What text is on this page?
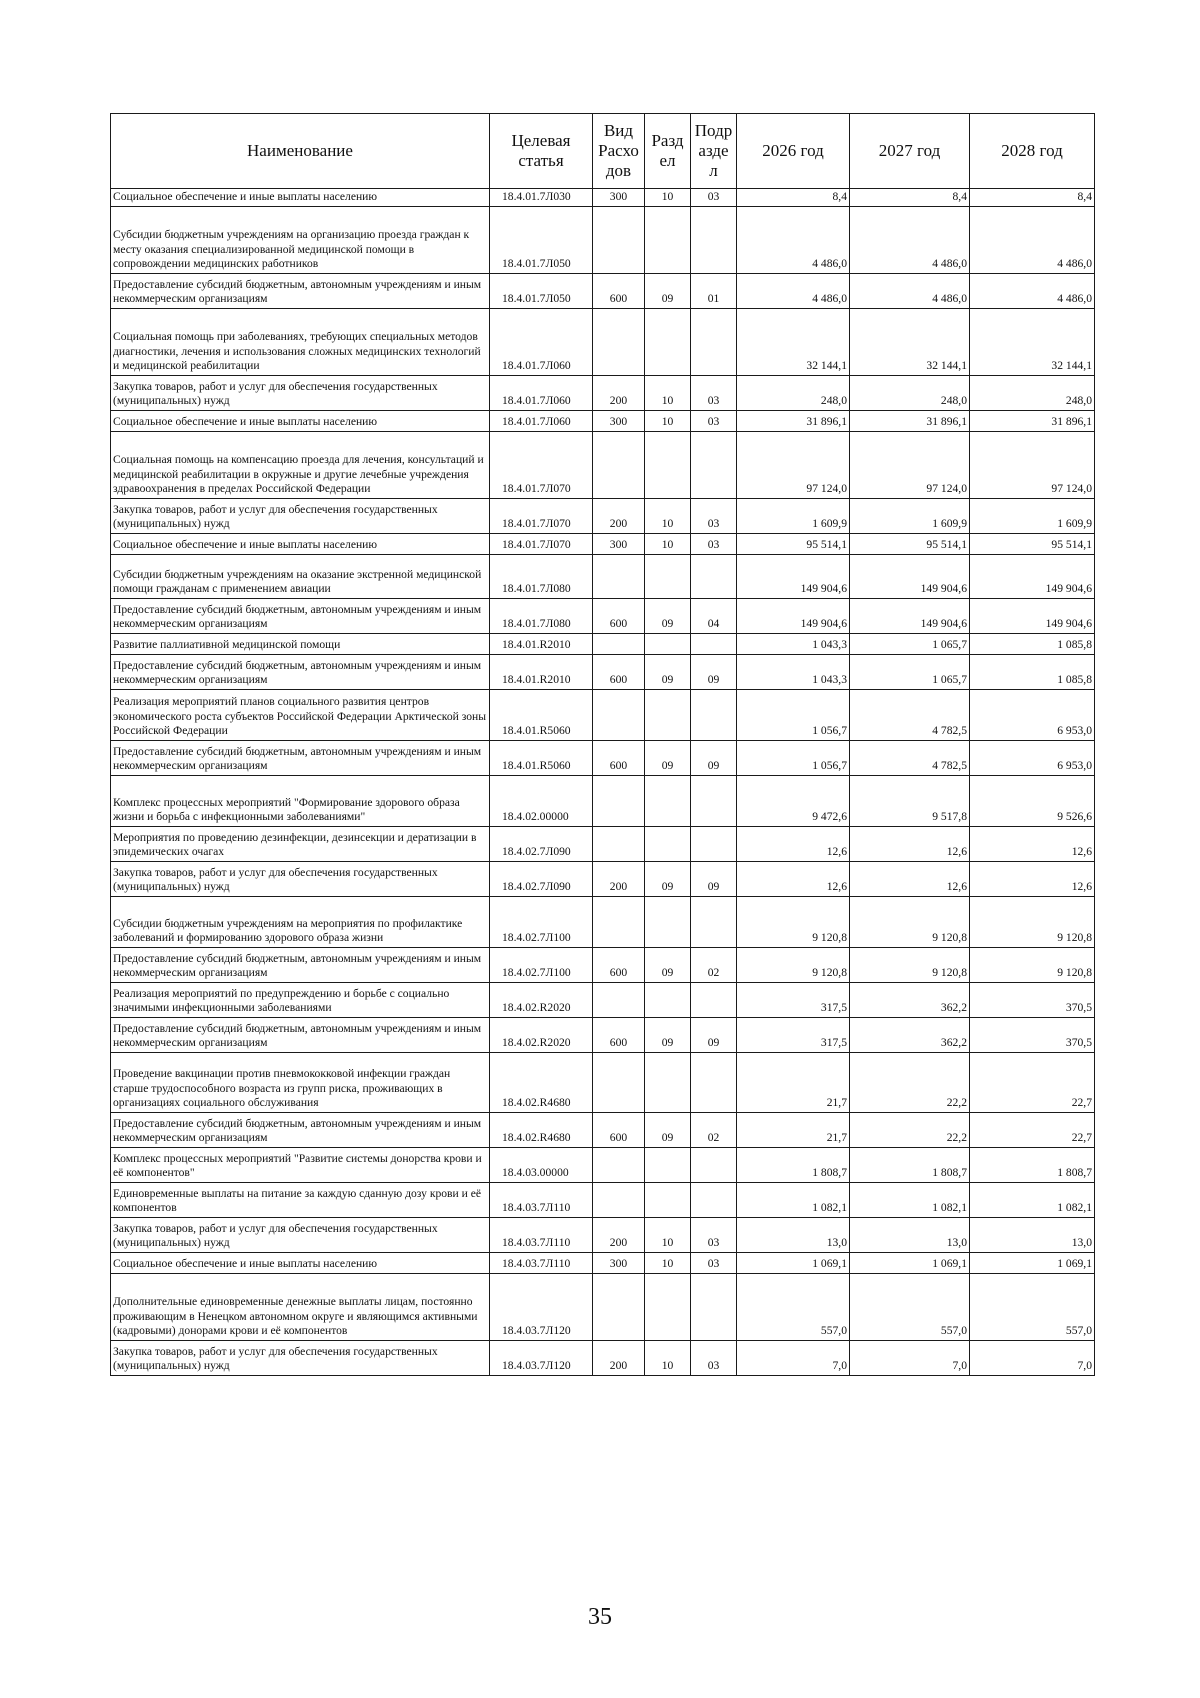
Наименование	Целевая статья	Вид Расхо дов	Разд ел	Подр азде л	2026 год	2027 год	2028 год
Социальное обеспечение и иные выплаты населению	18.4.01.7Л030	300	10	03	8,4	8,4	8,4
Субсидии бюджетным учреждениям на организацию проезда граждан к месту оказания специализированной медицинской помощи в сопровождении медицинских работников	18.4.01.7Л050				4 486,0	4 486,0	4 486,0
Предоставление субсидий бюджетным, автономным учреждениям и иным некоммерческим организациям	18.4.01.7Л050	600	09	01	4 486,0	4 486,0	4 486,0
Социальная помощь при заболеваниях, требующих специальных методов диагностики, лечения и использования сложных медицинских технологий и медицинской реабилитации	18.4.01.7Л060				32 144,1	32 144,1	32 144,1
Закупка товаров, работ и услуг для обеспечения государственных (муниципальных) нужд	18.4.01.7Л060	200	10	03	248,0	248,0	248,0
Социальное обеспечение и иные выплаты населению	18.4.01.7Л060	300	10	03	31 896,1	31 896,1	31 896,1
Социальная помощь на компенсацию проезда для лечения, консультаций и медицинской реабилитации в окружные и другие лечебные учреждения здравоохранения в пределах Российской Федерации	18.4.01.7Л070				97 124,0	97 124,0	97 124,0
Закупка товаров, работ и услуг для обеспечения государственных (муниципальных) нужд	18.4.01.7Л070	200	10	03	1 609,9	1 609,9	1 609,9
Социальное обеспечение и иные выплаты населению	18.4.01.7Л070	300	10	03	95 514,1	95 514,1	95 514,1
Субсидии бюджетным учреждениям на оказание экстренной медицинской помощи гражданам с применением авиации	18.4.01.7Л080				149 904,6	149 904,6	149 904,6
Предоставление субсидий бюджетным, автономным учреждениям и иным некоммерческим организациям	18.4.01.7Л080	600	09	04	149 904,6	149 904,6	149 904,6
Развитие паллиативной медицинской помощи	18.4.01.R2010				1 043,3	1 065,7	1 085,8
Предоставление субсидий бюджетным, автономным учреждениям и иным некоммерческим организациям	18.4.01.R2010	600	09	09	1 043,3	1 065,7	1 085,8
Реализация мероприятий планов социального развития центров экономического роста субъектов Российской Федерации Арктической зоны Российской Федерации	18.4.01.R5060				1 056,7	4 782,5	6 953,0
Предоставление субсидий бюджетным, автономным учреждениям и иным некоммерческим организациям	18.4.01.R5060	600	09	09	1 056,7	4 782,5	6 953,0
Комплекс процессных мероприятий "Формирование здорового образа жизни и борьба с инфекционными заболеваниями"	18.4.02.00000				9 472,6	9 517,8	9 526,6
Мероприятия по проведению дезинфекции, дезинсекции и дератизации в эпидемических очагах	18.4.02.7Л090				12,6	12,6	12,6
Закупка товаров, работ и услуг для обеспечения государственных (муниципальных) нужд	18.4.02.7Л090	200	09	09	12,6	12,6	12,6
Субсидии бюджетным учреждениям на мероприятия по профилактике заболеваний и формированию здорового образа жизни	18.4.02.7Л100				9 120,8	9 120,8	9 120,8
Предоставление субсидий бюджетным, автономным учреждениям и иным некоммерческим организациям	18.4.02.7Л100	600	09	02	9 120,8	9 120,8	9 120,8
Реализация мероприятий по предупреждению и борьбе с социально значимыми инфекционными заболеваниями	18.4.02.R2020				317,5	362,2	370,5
Предоставление субсидий бюджетным, автономным учреждениям и иным некоммерческим организациям	18.4.02.R2020	600	09	09	317,5	362,2	370,5
Проведение вакцинации против пневмококковой инфекции граждан старше трудоспособного возраста из групп риска, проживающих в организациях социального обслуживания	18.4.02.R4680				21,7	22,2	22,7
Предоставление субсидий бюджетным, автономным учреждениям и иным некоммерческим организациям	18.4.02.R4680	600	09	02	21,7	22,2	22,7
Комплекс процессных мероприятий "Развитие системы донорства крови и её компонентов"	18.4.03.00000				1 808,7	1 808,7	1 808,7
Единовременные выплаты на питание за каждую сданную дозу крови и её компонентов	18.4.03.7Л110				1 082,1	1 082,1	1 082,1
Закупка товаров, работ и услуг для обеспечения государственных (муниципальных) нужд	18.4.03.7Л110	200	10	03	13,0	13,0	13,0
Социальное обеспечение и иные выплаты населению	18.4.03.7Л110	300	10	03	1 069,1	1 069,1	1 069,1
Дополнительные единовременные денежные выплаты лицам, постоянно проживающим в Ненецком автономном округе и являющимся активными (кадровыми) донорами крови и её компонентов	18.4.03.7Л120				557,0	557,0	557,0
Закупка товаров, работ и услуг для обеспечения государственных (муниципальных) нужд	18.4.03.7Л120	200	10	03	7,0	7,0	7,0
35
